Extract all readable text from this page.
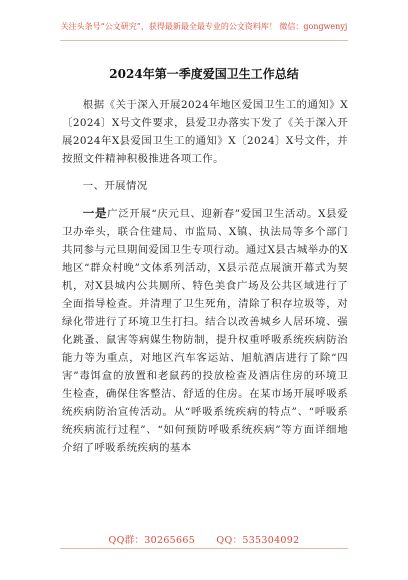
关注头条号“公文研究”，获得最新最全最专业的公文资料库！ 微信：gongwenyj
2024年第一季度爱国卫生工作总结

根据《关于深入开展2024年地区爱国卫生工的通知》X〔2024〕X号文件要求，县爱卫办落实下发了《关于深入开展2024年X县爱国卫生工的通知》X〔2024〕X号文件，并按照文件精神积极推进各项工作。

一、开展情况

一是广泛开展“庆元旦、迎新春”爱国卫生活动。X县爱卫办牵头，联合住建局、市监局、X镇、执法局等多个部门共同参与元旦期间爱国卫生专项行动。通过X县古城举办的X地区“群众村晚”文体系列活动，X县示范点展演开幕式为契机，对X县城内公共厕所、特色美食广场及公共区域进行了全面指导检查。并清理了卫生死角，清除了积存垃圾等，对绿化带进行了环境卫生打扫。结合以改善城乡人居环境、强化跳蚤、鼠害等病媒生物防制，提升权重呼吸系统疾病防治能力等为重点，对地区汽车客运站、旭航酒店进行了除“四害”毒饵盒的放置和老鼠药的投放检查及酒店住房的环境卫生检查，确保住客整洁、舒适的住房。在某市场开展呼吸系统疾病防治宣传活动。从“呼吸系统疾病的特点”、“呼吸系统疾病流行过程”、“如何预防呼吸系统疾病”等方面详细地介绍了呼吸系统疾病的基本

QQ群：30265665 QQ：535304092
